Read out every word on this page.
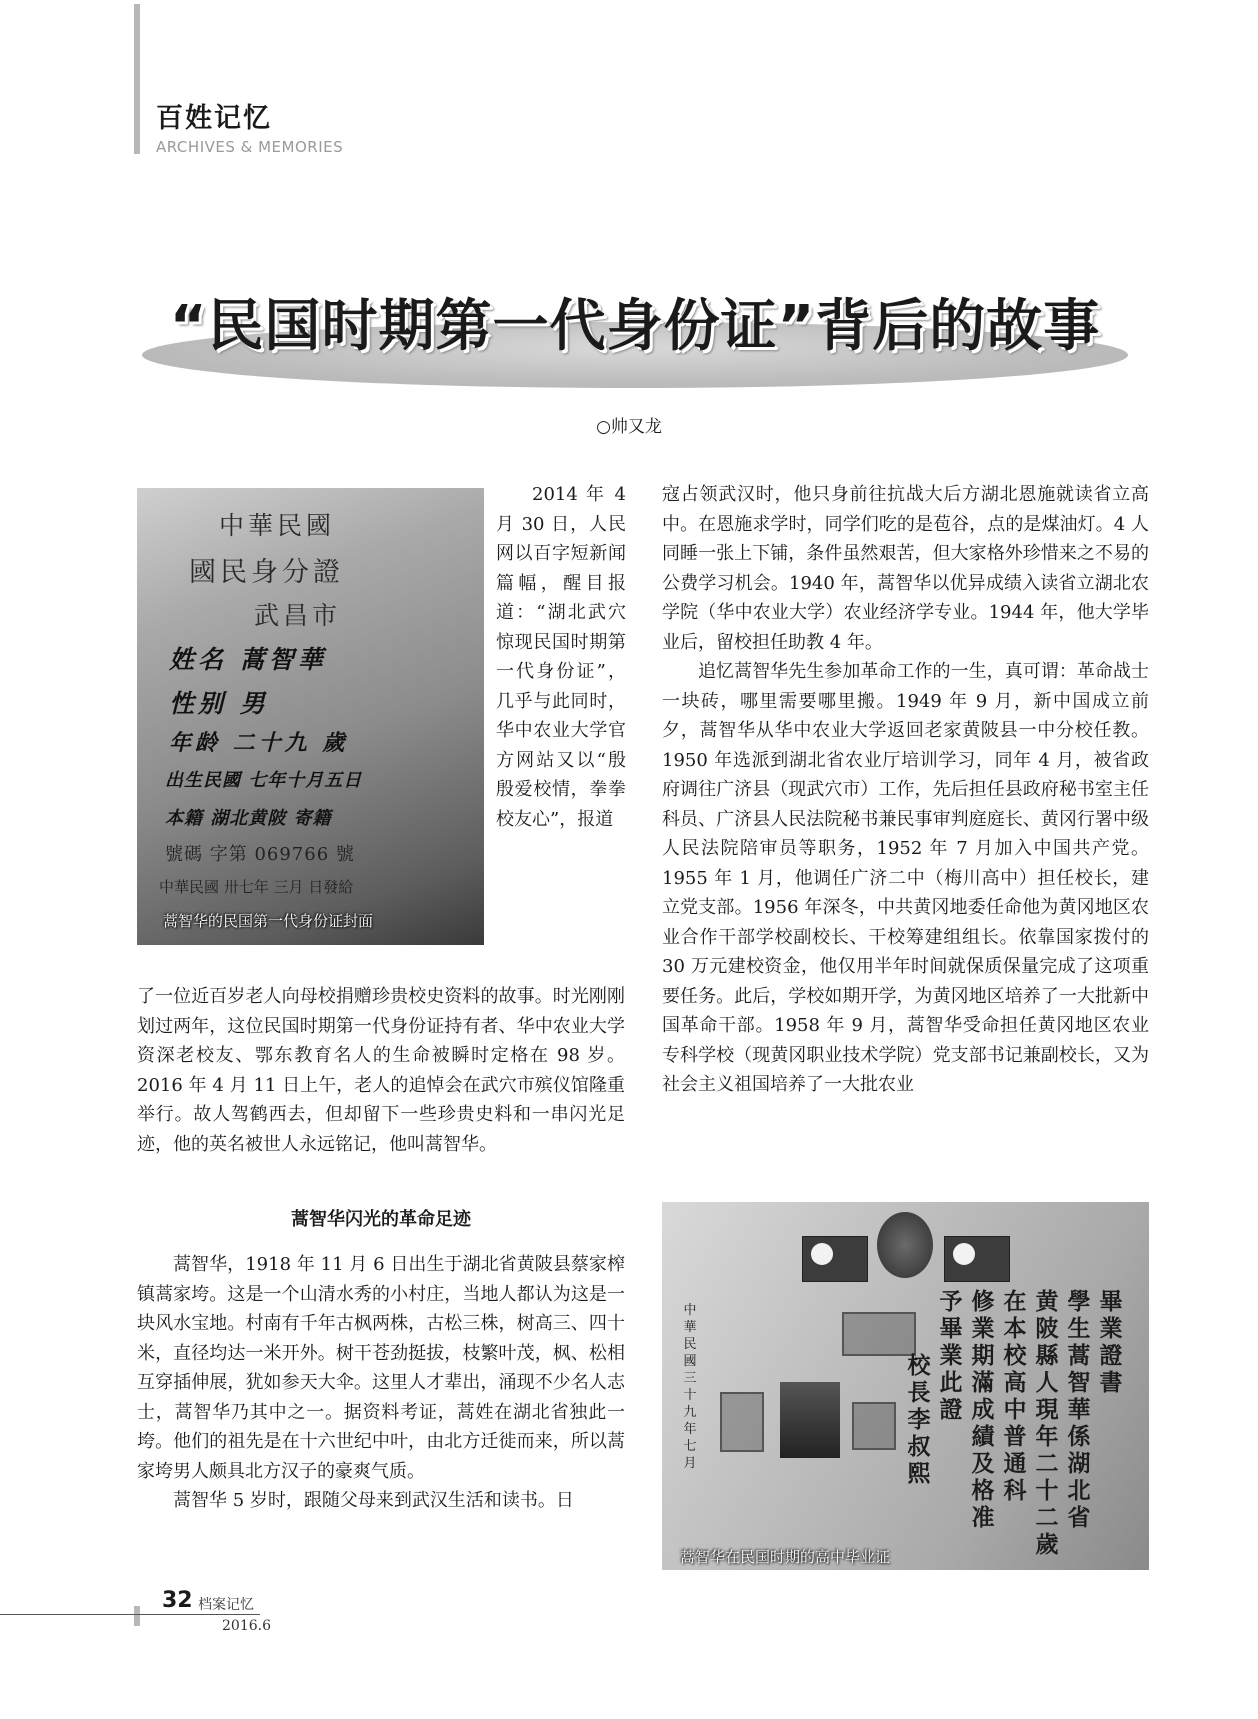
百姓记忆
ARCHIVES & MEMORIES
“民国时期第一代身份证”背后的故事
○帅又龙
中華民國
國民身分證
武昌市
姓名 蒿智華
性别 男
年龄 二十九 歲
出生民國 七年十月五日
本籍 湖北黄陂 寄籍
號碼 字第 069766 號
中華民國 卅七年 三月 日發給
蒿智华的民国第一代身份证封面
畢業證書
學生蒿智華係湖北省
黄陂縣人現年二十二歲
在本校高中普通科
修業期滿成績及格准
予畢業此證
校長李叔熙
中華民國三十九年七月
蒿智华在民国时期的高中毕业证

2014 年 4 月 30 日，人民网以百字短新闻篇幅，醒目报道：“湖北武穴惊现民国时期第一代身份证”，几乎与此同时，华中农业大学官方网站又以“殷殷爱校情，拳拳校友心”，报道

了一位近百岁老人向母校捐赠珍贵校史资料的故事。时光刚刚划过两年，这位民国时期第一代身份证持有者、华中农业大学资深老校友、鄂东教育名人的生命被瞬时定格在 98 岁。2016 年 4 月 11 日上午，老人的追悼会在武穴市殡仪馆隆重举行。故人驾鹤西去，但却留下一些珍贵史料和一串闪光足迹，他的英名被世人永远铭记，他叫蒿智华。

蒿智华闪光的革命足迹

蒿智华，1918 年 11 月 6 日出生于湖北省黄陂县蔡家榨镇蒿家垮。这是一个山清水秀的小村庄，当地人都认为这是一块风水宝地。村南有千年古枫两株，古松三株，树高三、四十米，直径均达一米开外。树干苍劲挺拔，枝繁叶茂，枫、松相互穿插伸展，犹如参天大伞。这里人才辈出，涌现不少名人志士，蒿智华乃其中之一。据资料考证，蒿姓在湖北省独此一垮。他们的祖先是在十六世纪中叶，由北方迁徙而来，所以蒿家垮男人颇具北方汉子的豪爽气质。

蒿智华 5 岁时，跟随父母来到武汉生活和读书。日

寇占领武汉时，他只身前往抗战大后方湖北恩施就读省立高中。在恩施求学时，同学们吃的是苞谷，点的是煤油灯。4 人同睡一张上下铺，条件虽然艰苦，但大家格外珍惜来之不易的公费学习机会。1940 年，蒿智华以优异成绩入读省立湖北农学院（华中农业大学）农业经济学专业。1944 年，他大学毕业后，留校担任助教 4 年。

追忆蒿智华先生参加革命工作的一生，真可谓：革命战士一块砖，哪里需要哪里搬。1949 年 9 月，新中国成立前夕，蒿智华从华中农业大学返回老家黄陂县一中分校任教。1950 年选派到湖北省农业厅培训学习，同年 4 月，被省政府调往广济县（现武穴市）工作，先后担任县政府秘书室主任科员、广济县人民法院秘书兼民事审判庭庭长、黄冈行署中级人民法院陪审员等职务，1952 年 7 月加入中国共产党。1955 年 1 月，他调任广济二中（梅川高中）担任校长，建立党支部。1956 年深冬，中共黄冈地委任命他为黄冈地区农业合作干部学校副校长、干校筹建组组长。依靠国家拨付的 30 万元建校资金，他仅用半年时间就保质保量完成了这项重要任务。此后，学校如期开学，为黄冈地区培养了一大批新中国革命干部。1958 年 9 月，蒿智华受命担任黄冈地区农业专科学校（现黄冈职业技术学院）党支部书记兼副校长，又为社会主义祖国培养了一大批农业

32 档案记忆
2016.6
